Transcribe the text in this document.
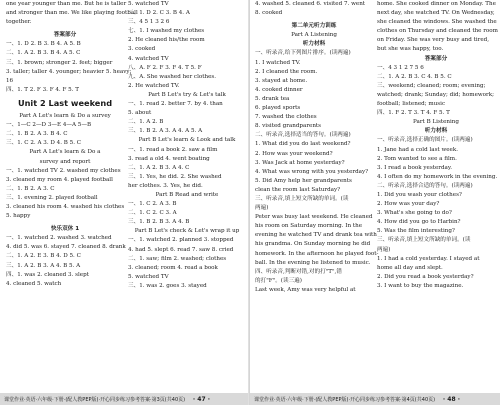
one year younger than me. But he is taller
and stronger than me. We like playing football
together.
答案部分
一、1. D 2. B 3. B 4. A 5. B
二、1. A 2. B 3. B 4. A 5. C
三、1. brown; stronger 2. feet; bigger
3. taller; taller 4. younger; heavier 5. heavy;
16
四、1. T 2. F 3. F 4. F 5. T
Unit 2 Last weekend
Part A Let's learn & Do a survey
一、1—C 2—D 3—E 4—A 5—B
二、1. B 2. A 3. B 4. C
三、1. C 2. A 3. D 4. B 5. C
Part A Let's learn & Do a
survey and report
一、1. watched TV 2. washed my clothes
3. cleaned my room 4. played football
二、1. B 2. A 3. C
三、1. evening 2. played football
3. cleaned his room 4. washed his clothes
5. happy
快乐双休 1
一、1. watched 2. washed 3. watched
4. did 5. was 6. stayed 7. cleaned 8. drank
二、1. A 2. E 3. B 4. D 5. C
三、1. A 2. B 3. A 4. B 5. A
四、1. was 2. cleaned 3. slept
4. cleaned 5. watch
5. watched TV
二、1. D 2. C 3. B 4. A
三、4 5 1 3 2 6
七、1. I washed my clothes
2. He cleaned his/the room
3. cooked
4. watched TV
八、A. F 2. F 3. F 4. T 5. F
九、A. She washed her clothes.
2. He watched TV.
Part B Let's try & Let's talk
一、1. read 2. better 7. by 4. than
5. about
二、1. A 2. B
三、1. B 2. A 3. A 4. A 5. A
Part B Let's learn & Look and talk
一、1. read a book 2. saw a film
3. read a old 4. went boating
二、1. A 2. B 3. A 4. C
三、1. Yes, he did. 2. She washed
her clothes. 3. Yes, he did.
Part B Read and write
一、1. C 2. A 3. B
二、1. C 2. C 3. A
三、1. B 2. B 3. A 4. B
Part B Let's check & Let's wrap it up
一、1. watched 2. planned 3. stopped
4. had 5. slept 6. read 7. saw 8. cried
二、1. saw; film 2. washed; clothes
3. cleaned; room 4. read a book
5. watched TV
三、1. was 2. goes 3. stayed
课堂作业·英语·六年级·下册·(配人教PEP版)·开心同步练习参考答案·第3页(共40页) · 47 ·
4. washed 5. cleaned 6. visited 7. went
8. cooked
第二单元听力训练
Part A Listening
听力材料
一、听录音,给下列图片排序。(读两遍)
1. I watched TV.
2. I cleaned the room.
3. stayed at home.
4. cooked dinner
5. drank tea
6. played sports
7. washed the clothes
8. visited grandparents
二、听录音,选择适当的答句。(读两遍)
1. What did you do last weekend?
2. How was your weekend?
3. Was Jack at home yesterday?
4. What was wrong with you yesterday?
5. Did Amy help her grandparents
clean the room last Saturday?
三、听录音,填上短文所缺的单词。(读
两遍)
Peter was busy last weekend. He cleaned
his room on Saturday morning. In the
evening he watched TV and drank tea with
his grandma. On Sunday morning he did
homework. In the afternoon he played foot-
ball. In the evening he listened to music.
四、听录音,判断对错,对的打"T",错
的打"F"。(读三遍)
Last week, Amy was very helpful at
home. She cooked dinner on Monday. The
next day, she watched TV. On Wednesday,
she cleaned the windows. She washed the
clothes on Thursday and cleaned the room
on Friday. She was very busy and tired,
but she was happy, too.
答案部分
一、4 3 1 2 7 5 6
二、1. A 2. B 3. C 4. B 5. C
三、weekend; cleaned; room; evening;
watched; drank; Sunday; did; homework;
football; listened; music
四、1. F 2. T 3. T 4. F 5. T
Part B Listening
听力材料
一、听录音,选择正确的图片。(读两遍)
1. Jane had a cold last week.
2. Tom wanted to see a film.
3. I read a book yesterday.
4. I often do my homework in the evening.
二、听录音,选择合适的答句。(读两遍)
1. Did you wash your clothes?
2. How was your day?
3. What's she going to do?
4. How did you go to Harbin?
5. Was the film interesting?
三、听录音,填上短文所缺的单词。(读
两遍)
1. I had a cold yesterday. I stayed at
home all day and slept.
2. Did you read a book yesterday?
3. I want to buy the magazine.
课堂作业·英语·六年级·下册·(配人教PEP版)·开心同步练习参考答案·第4页(共40页) · 48 ·
